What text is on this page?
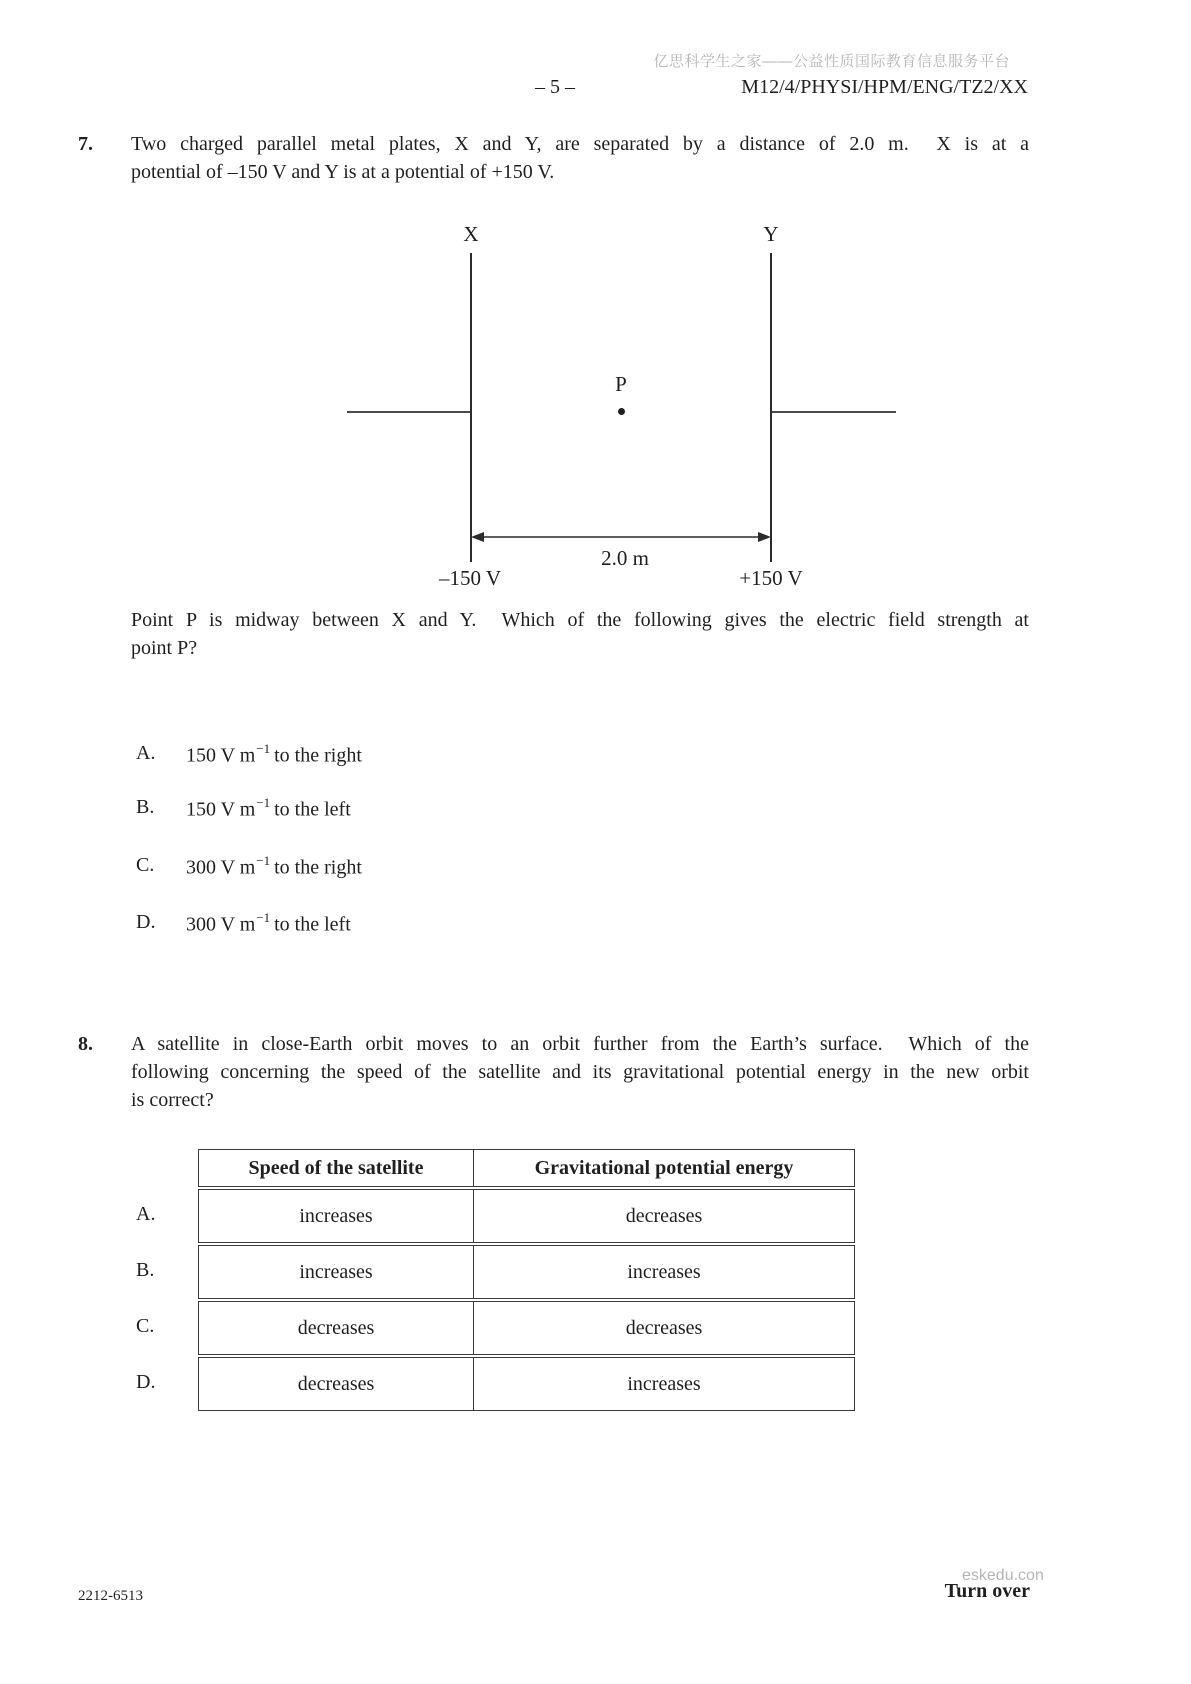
亿思科学生之家——公益性质国际教育信息服务平台
– 5 –	M12/4/PHYSI/HPM/ENG/TZ2/XX
7. Two charged parallel metal plates, X and Y, are separated by a distance of 2.0 m.  X is at a
potential of –150 V and Y is at a potential of +150 V.
X	Y
P
2.0 m
–150 V	+150 V
Point P is midway between X and Y.  Which of the following gives the electric field strength at
point P?
A. 150 V $m^{-1}$ to the right
B. 150 V $m^{-1}$ to the left
C. 300 V $m^{-1}$ to the right
D. 300 V $m^{-1}$ to the left
8. A satellite in close-Earth orbit moves to an orbit further from the Earth’s surface.  Which of the
following concerning the speed of the satellite and its gravitational potential energy in the new orbit
is correct?
A.
B.
C.
D.
Speed of the satellite	Gravitational potential energy
increases	decreases
increases	increases
decreases	decreases
decreases	increases
2212-6513
eskedu.con
Turn over
